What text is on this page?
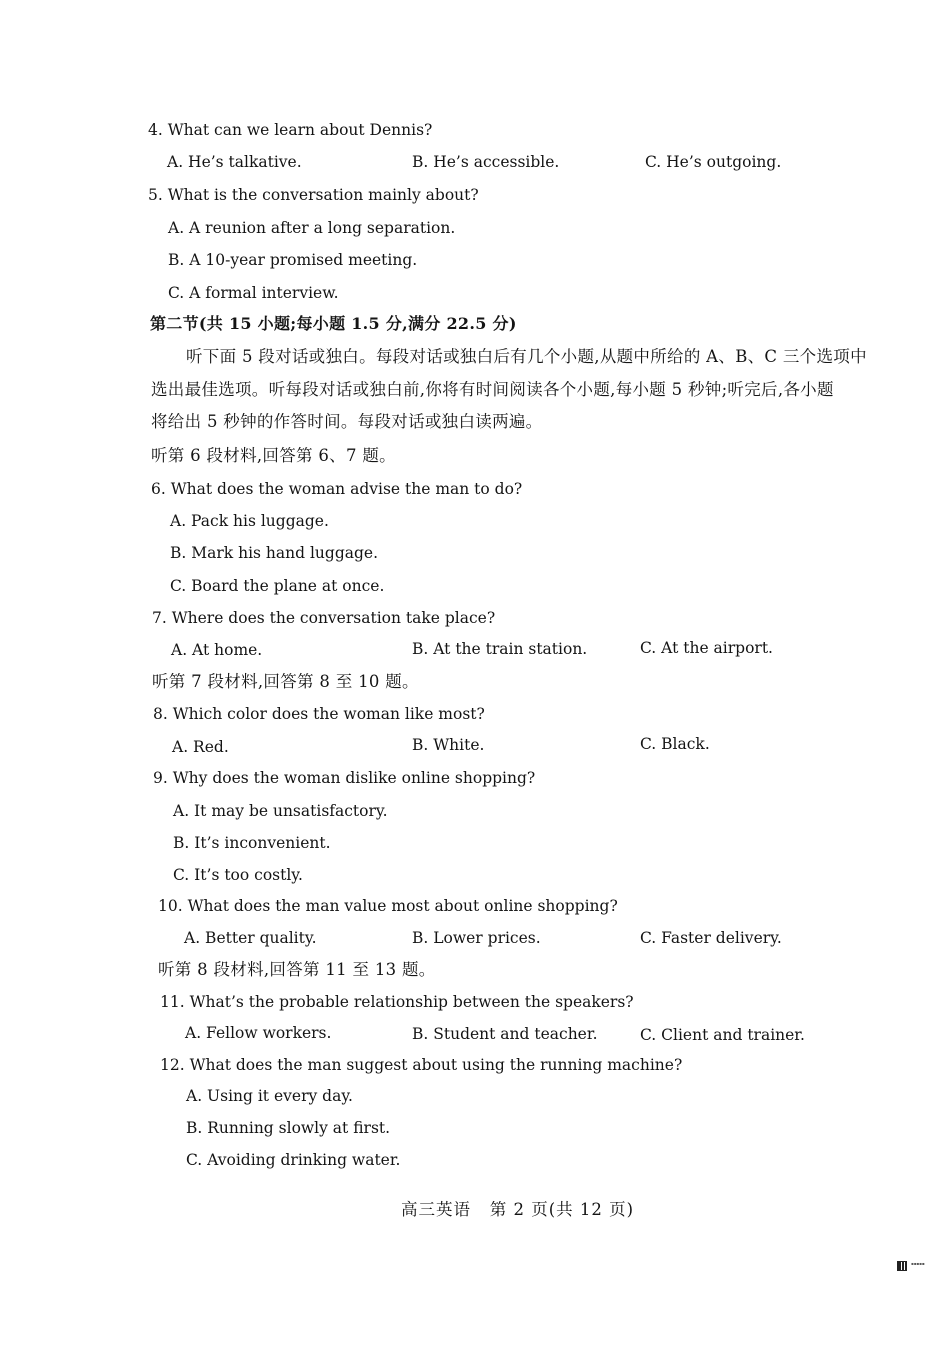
4. What can we learn about Dennis?
A. He’s talkative.	B. He’s accessible.	C. He’s outgoing.
5. What is the conversation mainly about?
A. A reunion after a long separation.
B. A 10-year promised meeting.
C. A formal interview.
第二节(共 15 小题;每小题 1.5 分,满分 22.5 分)
听下面 5 段对话或独白。每段对话或独白后有几个小题,从题中所给的 A、B、C 三个选项中
选出最佳选项。听每段对话或独白前,你将有时间阅读各个小题,每小题 5 秒钟;听完后,各小题
将给出 5 秒钟的作答时间。每段对话或独白读两遍。
听第 6 段材料,回答第 6、7 题。
6. What does the woman advise the man to do?
A. Pack his luggage.
B. Mark his hand luggage.
C. Board the plane at once.
7. Where does the conversation take place?
A. At home.	B. At the train station.	C. At the airport.
听第 7 段材料,回答第 8 至 10 题。
8. Which color does the woman like most?
A. Red.	B. White.	C. Black.
9. Why does the woman dislike online shopping?
A. It may be unsatisfactory.
B. It’s inconvenient.
C. It’s too costly.
10. What does the man value most about online shopping?
A. Better quality.	B. Lower prices.	C. Faster delivery.
听第 8 段材料,回答第 11 至 13 题。
11. What’s the probable relationship between the speakers?
A. Fellow workers.	B. Student and teacher.	C. Client and trainer.
12. What does the man suggest about using the running machine?
A. Using it every day.
B. Running slowly at first.
C. Avoiding drinking water.
高三英语   第 2 页(共 12 页)
▪▪▪▪▪
